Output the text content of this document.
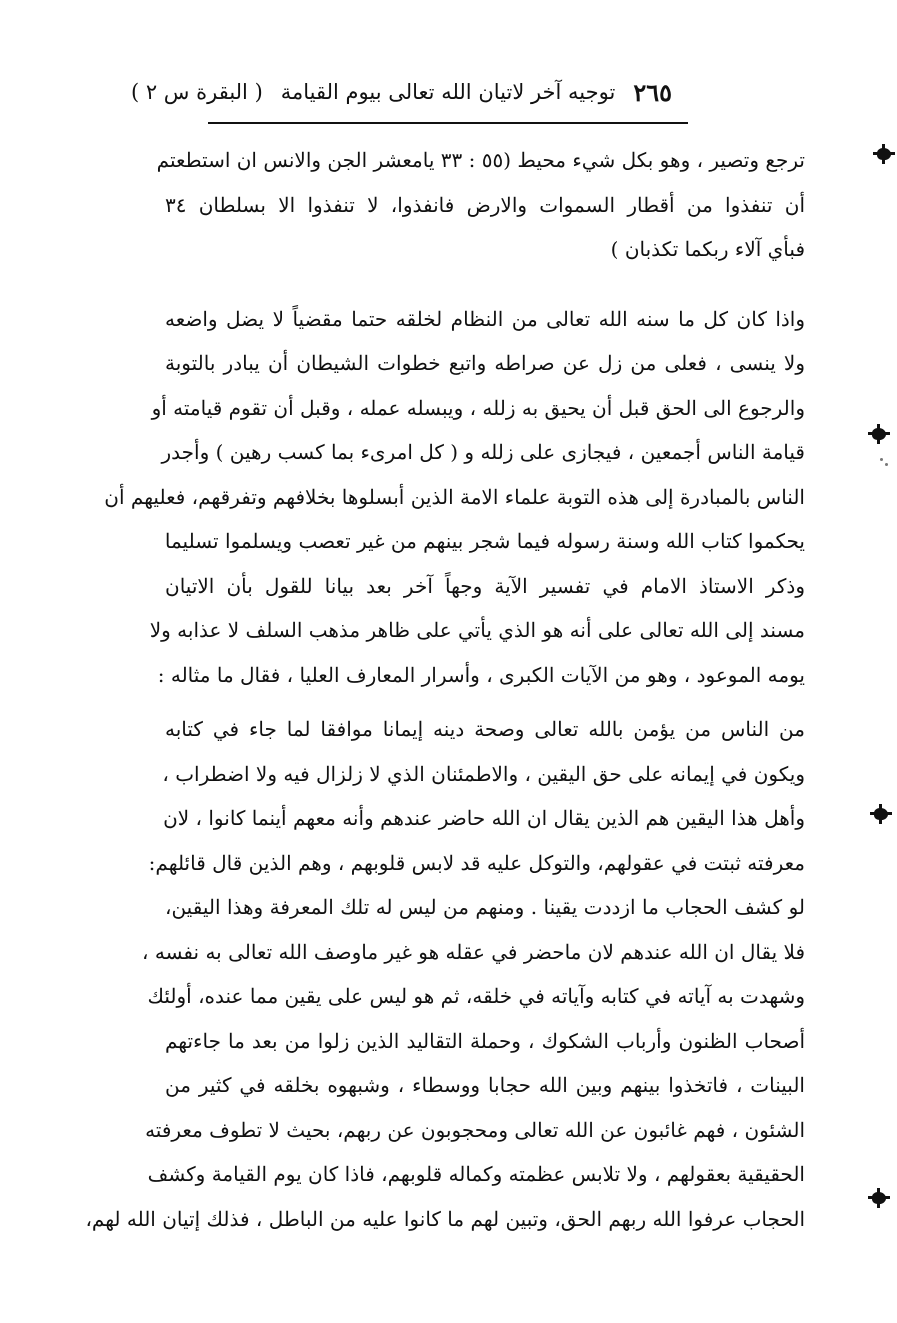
٢٦٥
توجيه آخر لاتيان الله تعالى بيوم القيامة
( البقرة س ٢ )
ترجع وتصير ، وهو بكل شيء محيط (٥٥ : ٣٣ يامعشر الجن والانس ان استطعتم
أن تنفذوا من أقطار السموات والارض فانفذوا، لا تنفذوا الا بسلطان ٣٤
فبأي آلاء ربكما تكذبان )
واذا كان كل ما سنه الله تعالى من النظام لخلقه حتما مقضياً لا يضل واضعه
ولا ينسى ، فعلى من زل عن صراطه واتبع خطوات الشيطان أن يبادر بالتوبة
والرجوع الى الحق قبل أن يحيق به زلله ، ويبسله عمله ، وقبل أن تقوم قيامته أو
قيامة الناس أجمعين ، فيجازى على زلله و ( كل امرىء بما كسب رهين ) وأجدر
الناس بالمبادرة إلى هذه التوبة علماء الامة الذين أبسلوها بخلافهم وتفرقهم، فعليهم أن
يحكموا كتاب الله وسنة رسوله فيما شجر بينهم من غير تعصب ويسلموا تسليما
وذكر الاستاذ الامام في تفسير الآية وجهاً آخر بعد بيانا للقول بأن الاتيان
مسند إلى الله تعالى على أنه هو الذي يأتي على ظاهر مذهب السلف لا عذابه ولا
يومه الموعود ، وهو من الآيات الكبرى ، وأسرار المعارف العليا ، فقال ما مثاله :
من الناس من يؤمن بالله تعالى وصحة دينه إيمانا موافقا لما جاء في كتابه
ويكون في إيمانه على حق اليقين ، والاطمئنان الذي لا زلزال فيه ولا اضطراب ،
وأهل هذا اليقين هم الذين يقال ان الله حاضر عندهم وأنه معهم أينما كانوا ، لان
معرفته ثبتت في عقولهم، والتوكل عليه قد لابس قلوبهم ، وهم الذين قال قائلهم:
لو كشف الحجاب ما ازددت يقينا . ومنهم من ليس له تلك المعرفة وهذا اليقين،
فلا يقال ان الله عندهم لان ماحضر في عقله هو غير ماوصف الله تعالى به نفسه ،
وشهدت به آياته في كتابه وآياته في خلقه، ثم هو ليس على يقين مما عنده، أولئك
أصحاب الظنون وأرباب الشكوك ، وحملة التقاليد الذين زلوا من بعد ما جاءتهم
البينات ، فاتخذوا بينهم وبين الله حجابا ووسطاء ، وشبهوه بخلقه في كثير من
الشئون ، فهم غائبون عن الله تعالى ومحجوبون عن ربهم، بحيث لا تطوف معرفته
الحقيقية بعقولهم ، ولا تلابس عظمته وكماله قلوبهم، فاذا كان يوم القيامة وكشف
الحجاب عرفوا الله ربهم الحق، وتبين لهم ما كانوا عليه من الباطل ، فذلك إتيان الله لهم،
